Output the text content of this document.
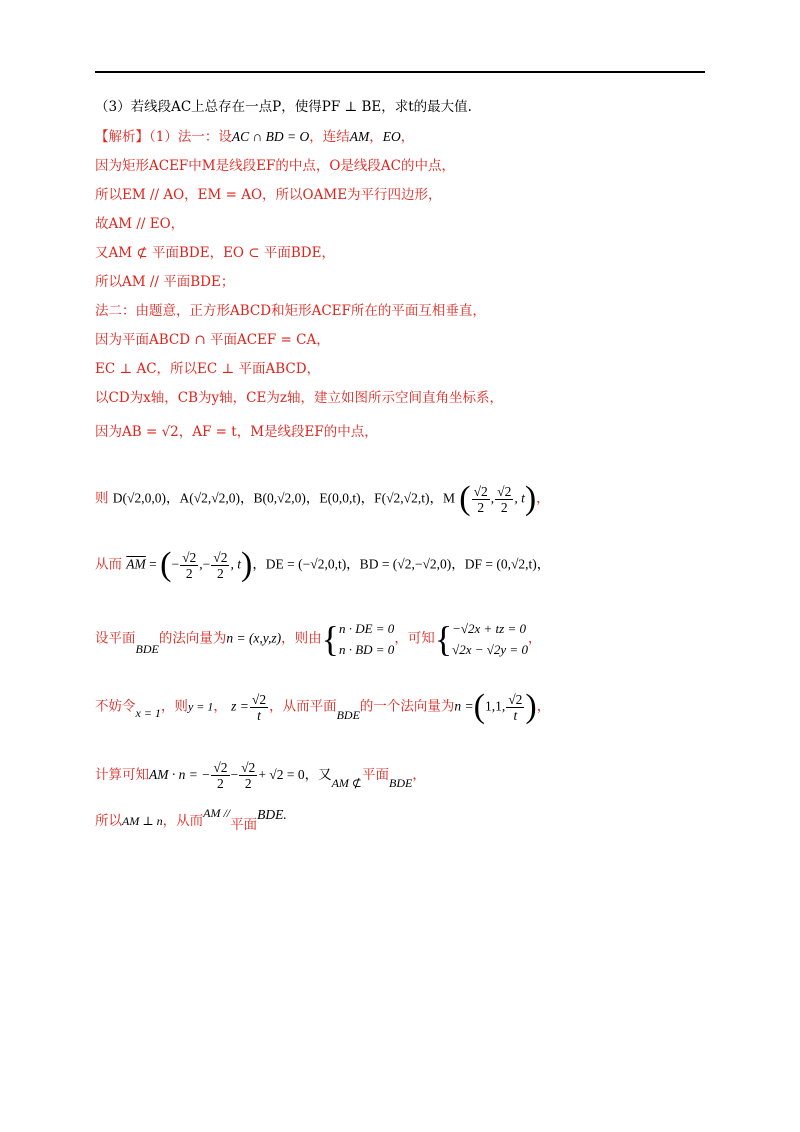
（3）若线段AC上总存在一点P，使得PF ⊥ BE，求t的最大值.
【解析】（1）法一：设AC ∩ BD = O，连结AM，EO，
因为矩形ACEF中M是线段EF的中点，O是线段AC的中点，
所以EM // AO，EM = AO，所以OAME为平行四边形，
故AM // EO，
又AM ⊄ 平面BDE，EO ⊂ 平面BDE，
所以AM // 平面BDE；
法二：由题意，正方形ABCD和矩形ACEF所在的平面互相垂直，
因为平面ABCD ∩ 平面ACEF = CA，
EC ⊥ AC，所以EC ⊥ 平面ABCD，
以CD为x轴，CB为y轴，CE为z轴，建立如图所示空间直角坐标系，
因为AB = √2，AF = t，M是线段EF的中点，
则 D(√2,0,0)，A(√2,√2,0)，B(0,√2,0)，E(0,0,t)，F(√2,√2,t)，M ( $\frac{√2}{2}$ , $\frac{√2}{2}$ , t)，
从而 $\overline{AM}$ = (− $\frac{√2}{2}$ ,− $\frac{√2}{2}$ , t)，DE = (−√2,0,t)，BD = (√2,−√2,0)，DF = (0,√2,t)，
设平面BDE的法向量为n = (x,y,z)，则由{n · DE = 0
n · BD = 0，可知{−√2x + tz = 0
√2x − √2y = 0，
不妨令x = 1，则y = 1， $z = \frac{√2}{t}$ ，从而平面BDE的一个法向量为n =(1,1, $\frac{√2}{t}$ )，
计算可知AM · n = − $\frac{√2}{2} - \frac{√2}{2} + √2 = 0$，又AM ⊄平面BDE，
所以AM ⊥ n，从而AM //平面BDE.
